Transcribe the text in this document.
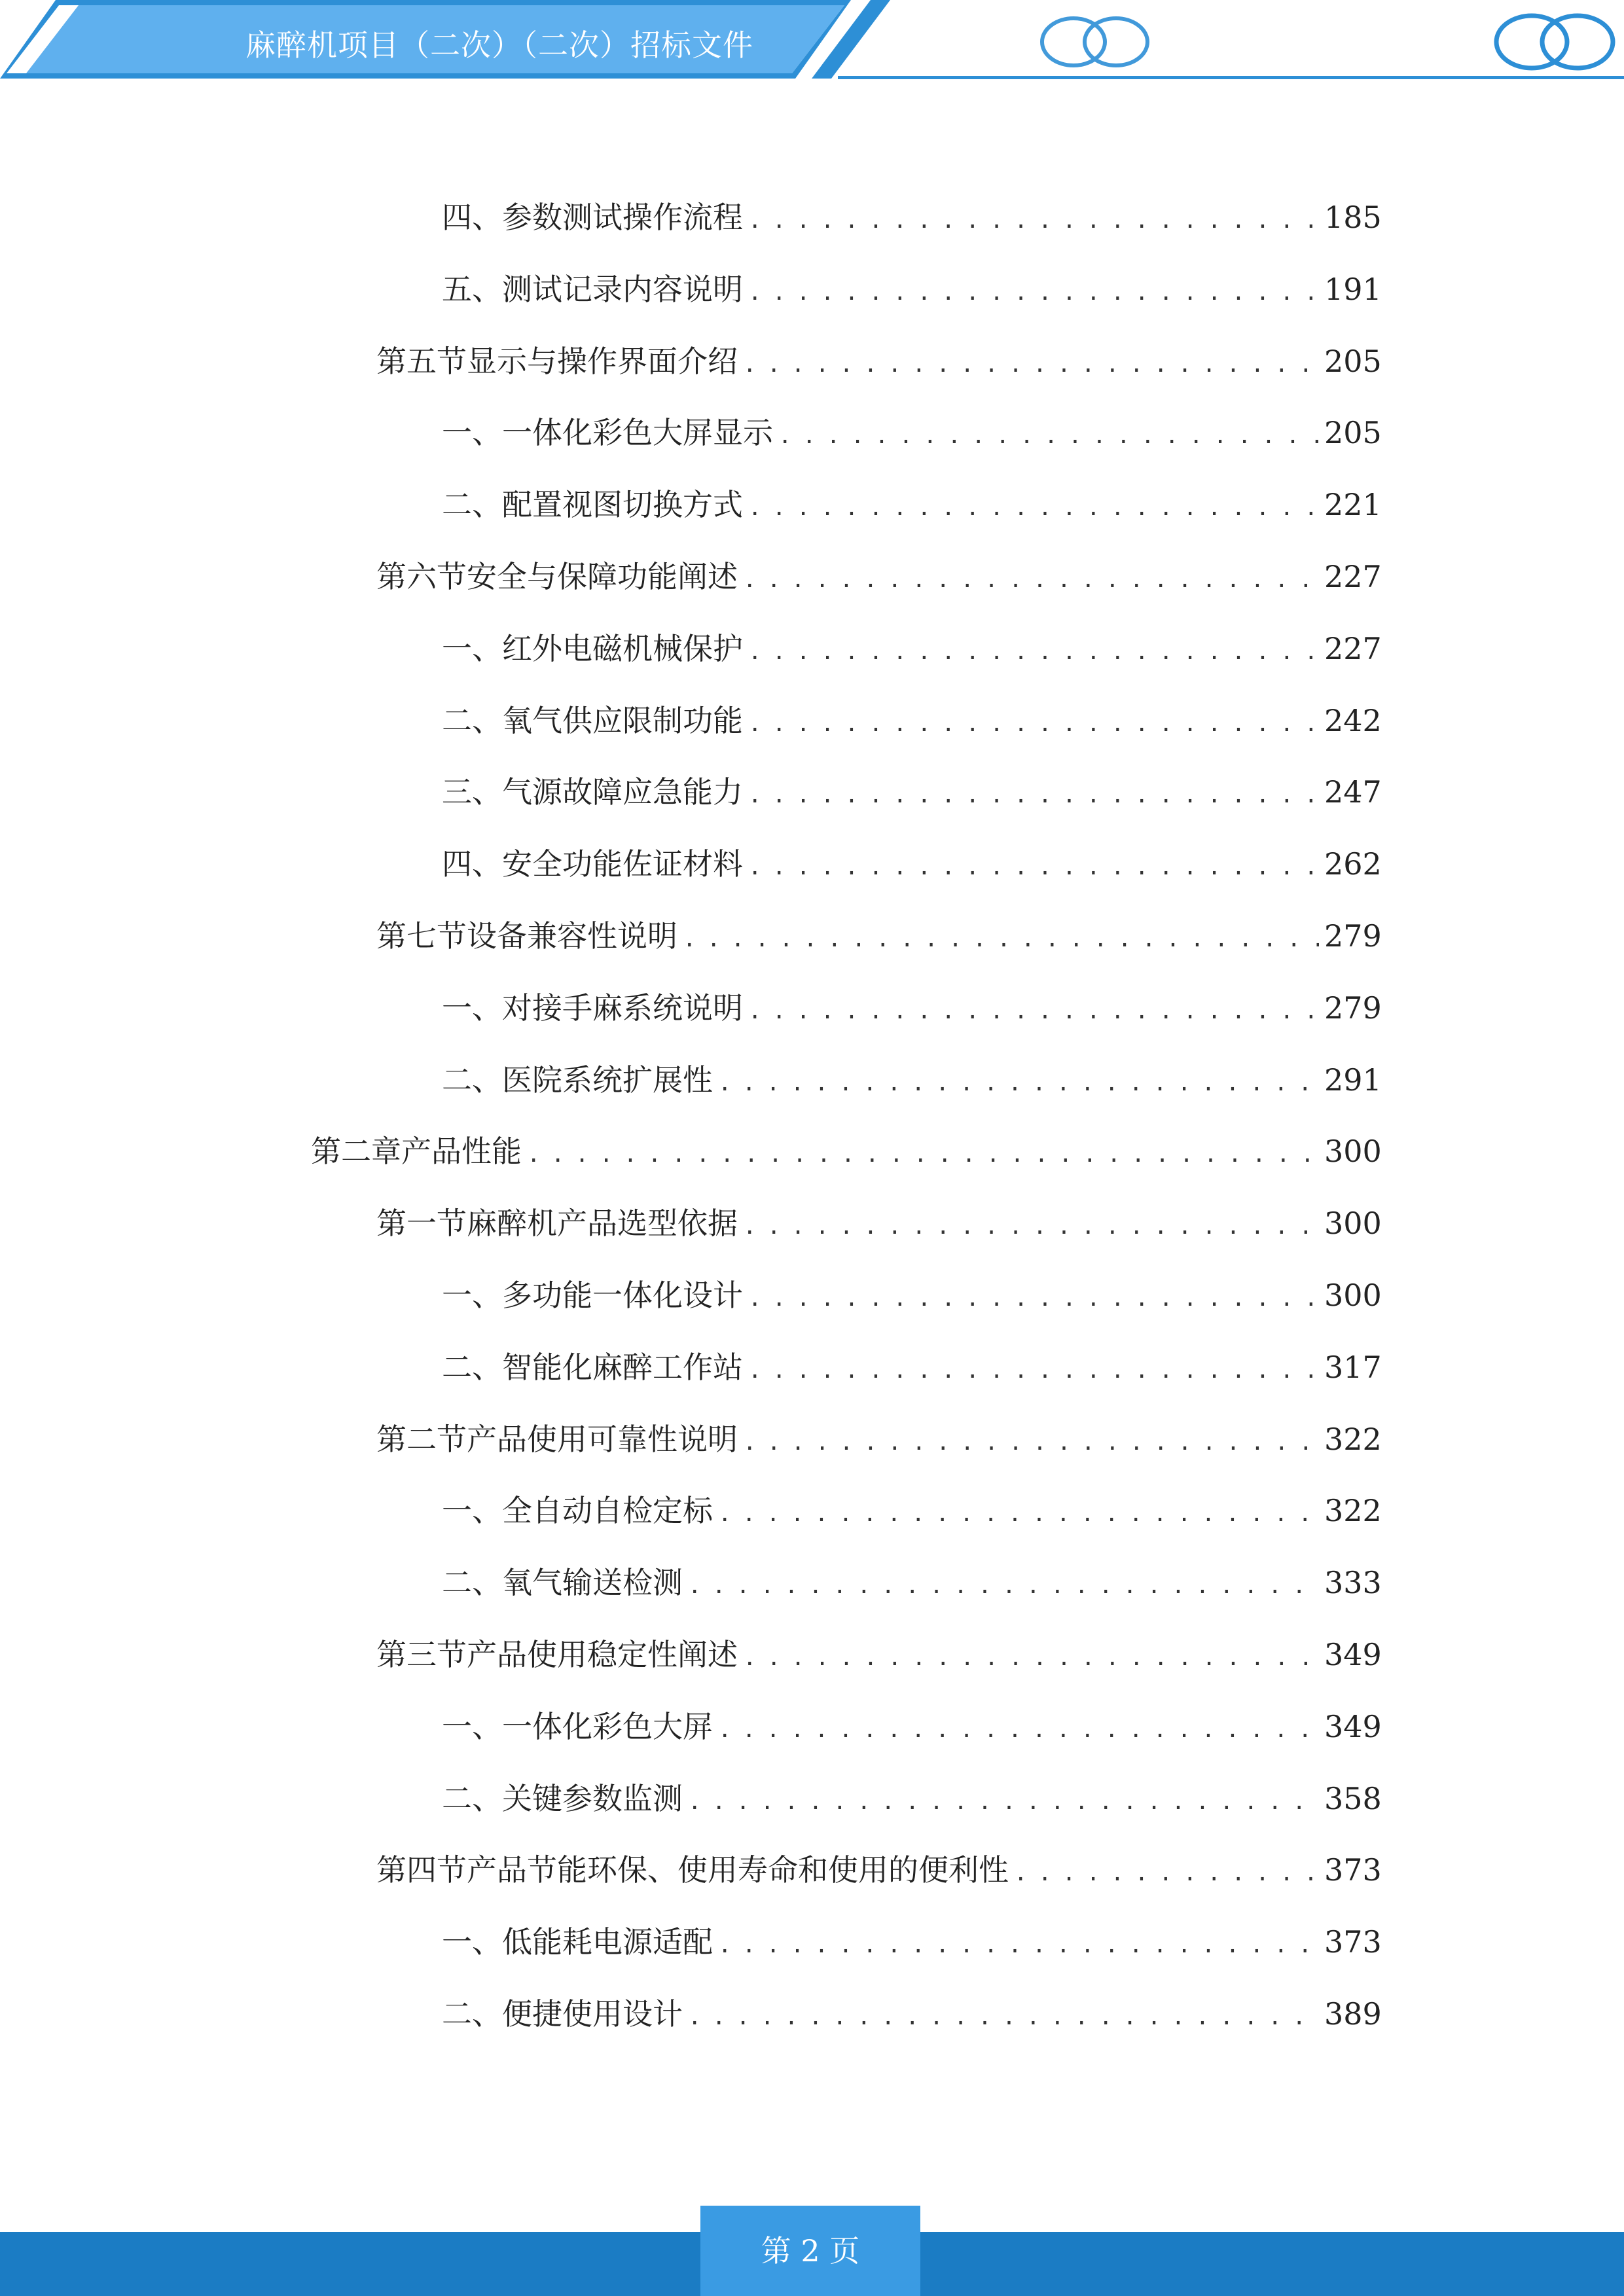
麻醉机项目（二次）（二次）招标文件
四、 参数测试操作流程 . . .	185
五、 测试记录内容说明 . . .	191
第五节 显示与操作界面介绍 . . .	205
一、 一体化彩色大屏显示 . . .	205
二、 配置视图切换方式 . . .	221
第六节 安全与保障功能阐述 . . .	227
一、 红外电磁机械保护 . . .	227
二、 氧气供应限制功能 . . .	242
三、 气源故障应急能力 . . .	247
四、 安全功能佐证材料 . . .	262
第七节 设备兼容性说明 . . .	279
一、 对接手麻系统说明 . . .	279
二、 医院系统扩展性 . . .	291
第二章 产品性能 . . .	300
第一节 麻醉机产品选型依据 . . .	300
一、 多功能一体化设计 . . .	300
二、 智能化麻醉工作站 . . .	317
第二节 产品使用可靠性说明 . . .	322
一、 全自动自检定标 . . .	322
二、 氧气输送检测 . . .	333
第三节 产品使用稳定性阐述 . . .	349
一、 一体化彩色大屏 . . .	349
二、 关键参数监测 . . .	358
第四节 产品节能环保、使用寿命和使用的便利性 . . .	373
一、 低能耗电源适配 . . .	373
二、 便捷使用设计 . . .	389
第 2 页
